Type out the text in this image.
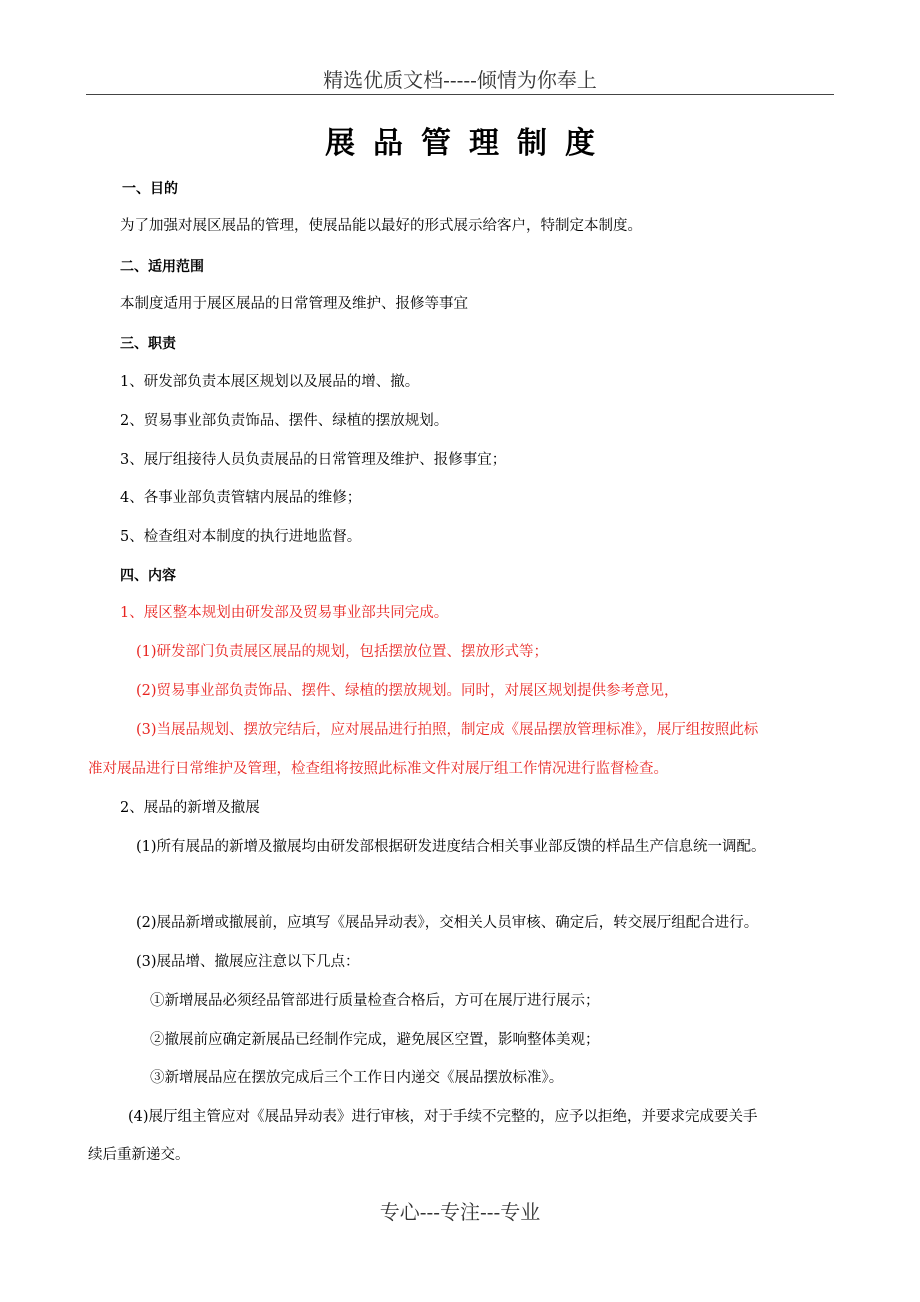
精选优质文档-----倾情为你奉上
展品管理制度
一、目的
为了加强对展区展品的管理，使展品能以最好的形式展示给客户，特制定本制度。
二、适用范围
本制度适用于展区展品的日常管理及维护、报修等事宜
三、职责
1、研发部负责本展区规划以及展品的增、撤。
2、贸易事业部负责饰品、摆件、绿植的摆放规划。
3、展厅组接待人员负责展品的日常管理及维护、报修事宜；
4、各事业部负责管辖内展品的维修；
5、检查组对本制度的执行进地监督。
四、内容
1、展区整本规划由研发部及贸易事业部共同完成。
(1)研发部门负责展区展品的规划，包括摆放位置、摆放形式等；
(2)贸易事业部负责饰品、摆件、绿植的摆放规划。同时，对展区规划提供参考意见，
(3)当展品规划、摆放完结后，应对展品进行拍照，制定成《展品摆放管理标准》，展厅组按照此标
准对展品进行日常维护及管理，检查组将按照此标准文件对展厅组工作情况进行监督检查。
2、展品的新增及撤展
(1)所有展品的新增及撤展均由研发部根据研发进度结合相关事业部反馈的样品生产信息统一调配。
(2)展品新增或撤展前，应填写《展品异动表》，交相关人员审核、确定后，转交展厅组配合进行。
(3)展品增、撤展应注意以下几点：
①新增展品必须经品管部进行质量检查合格后，方可在展厅进行展示；
②撤展前应确定新展品已经制作完成，避免展区空置，影响整体美观；
③新增展品应在摆放完成后三个工作日内递交《展品摆放标准》。
(4)展厅组主管应对《展品异动表》进行审核，对于手续不完整的，应予以拒绝，并要求完成要关手
续后重新递交。
专心---专注---专业
